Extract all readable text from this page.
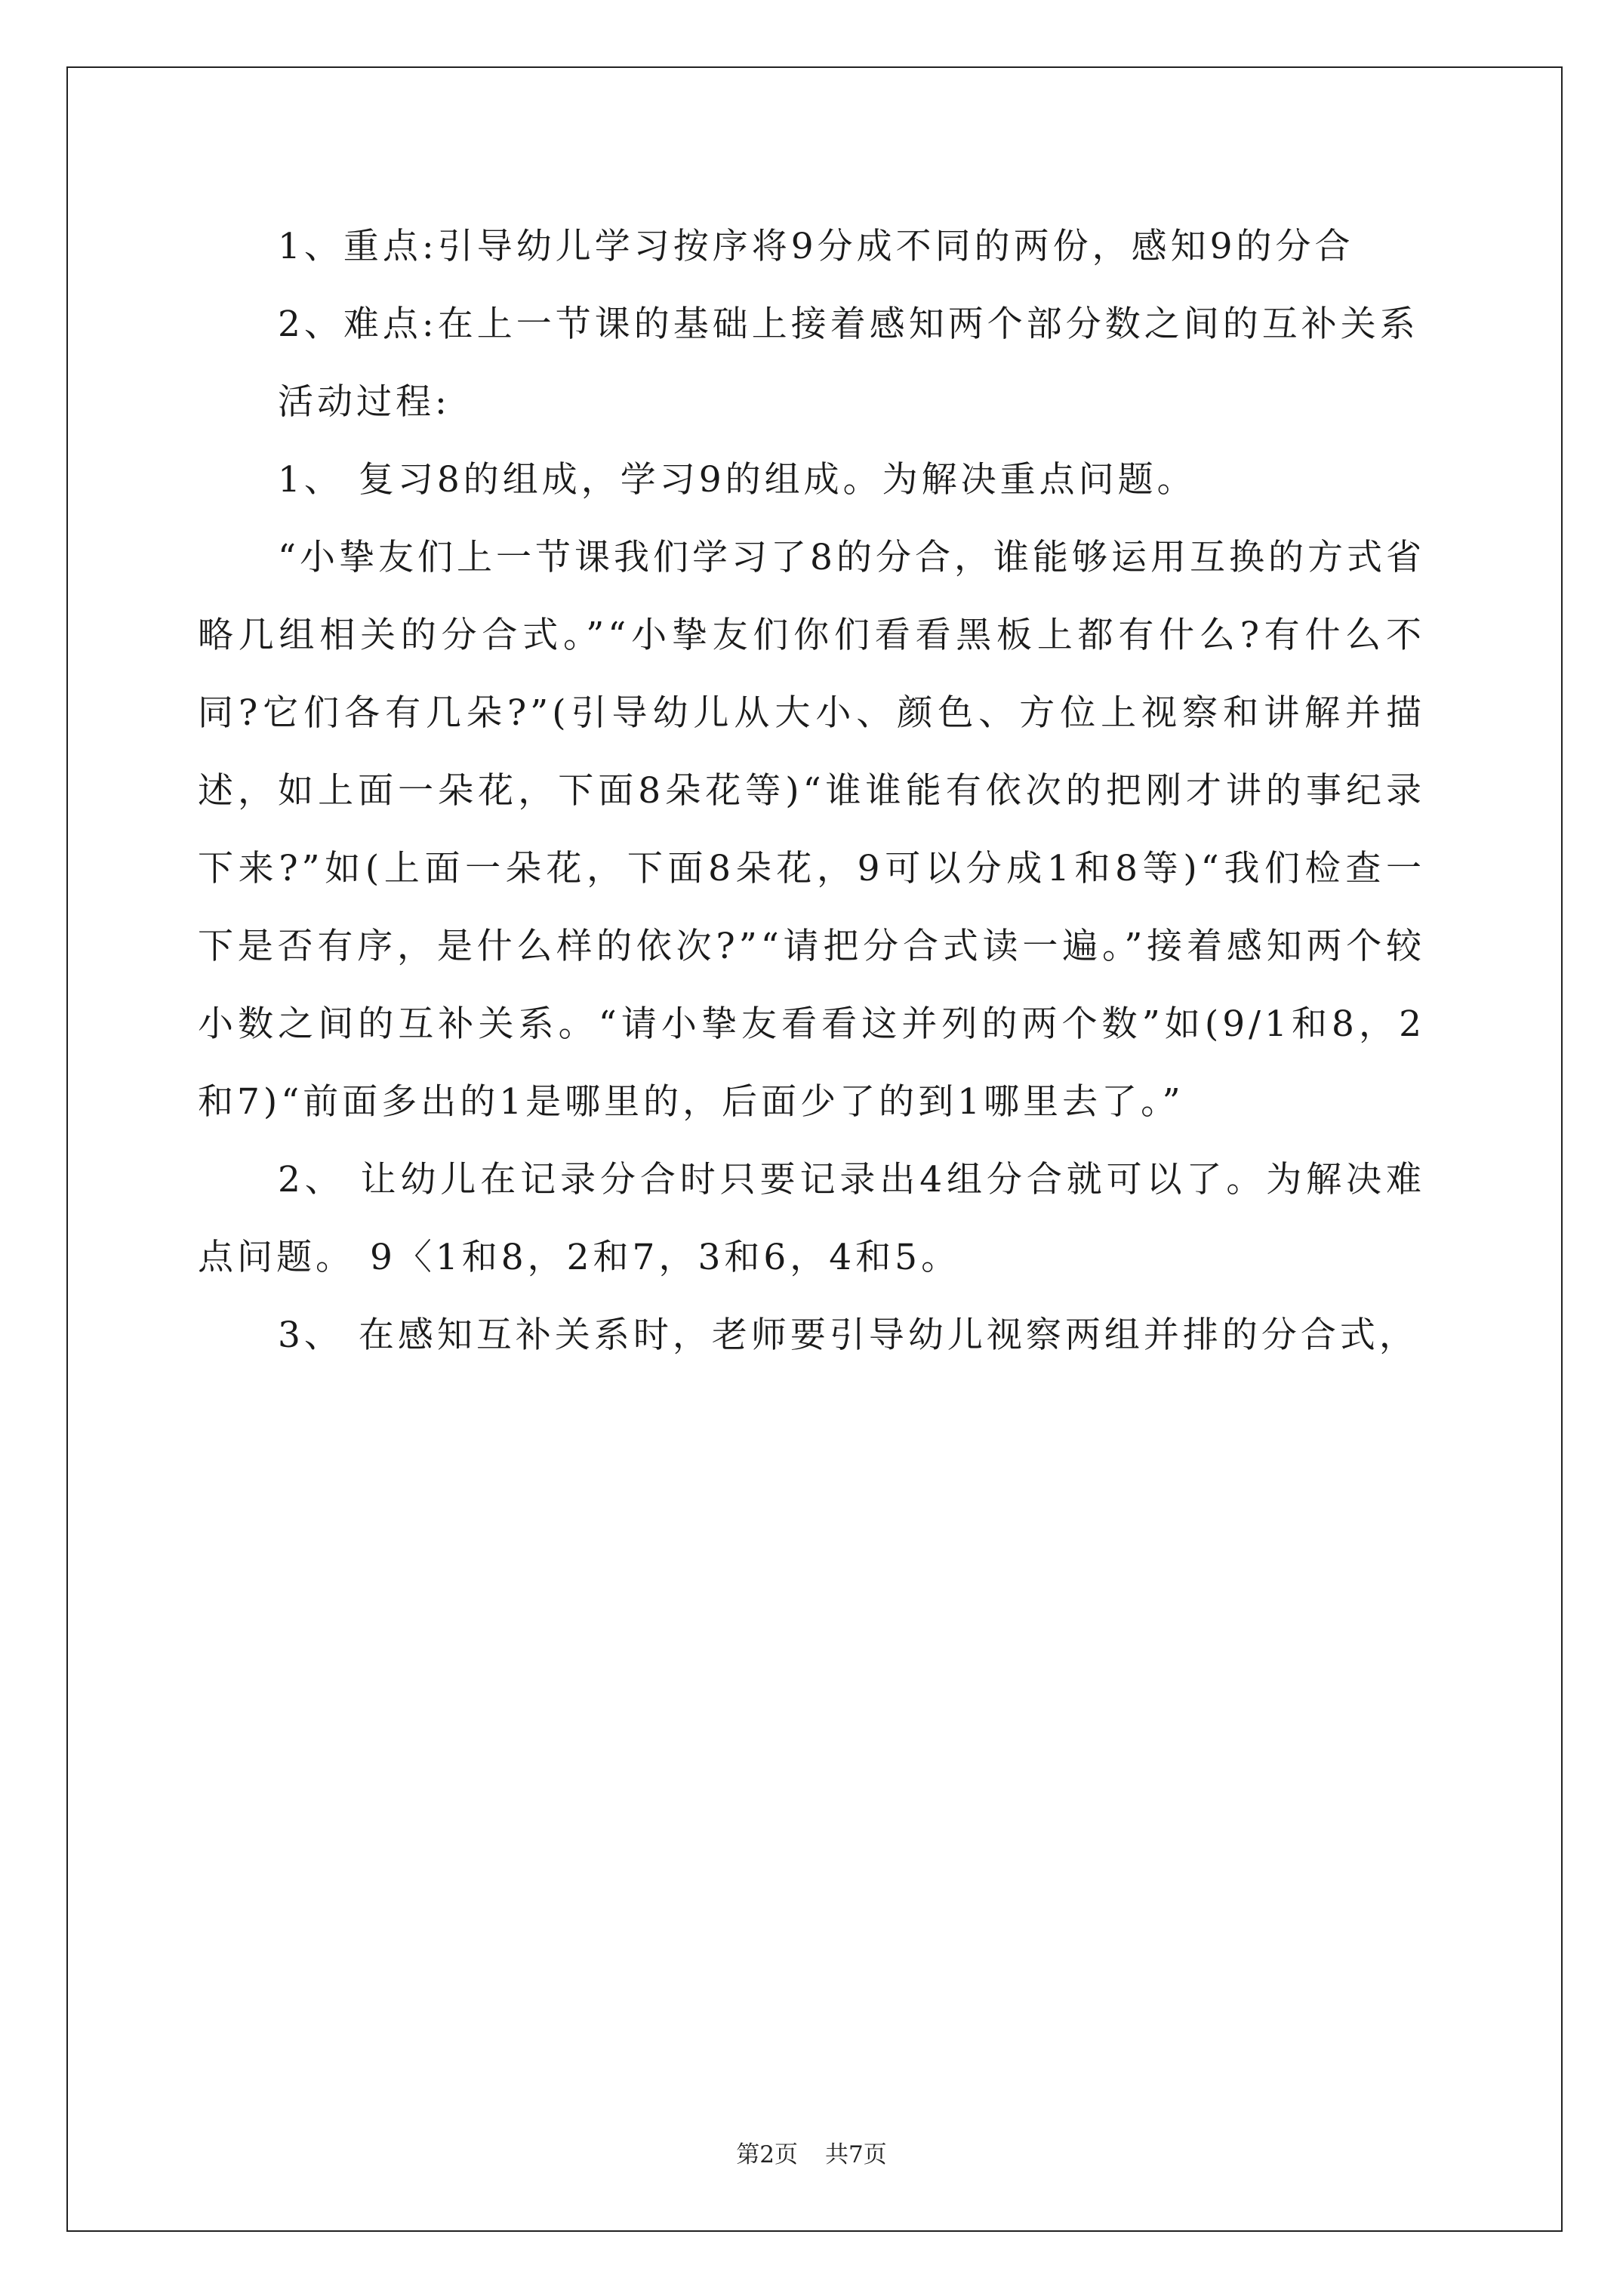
1、重点:引导幼儿学习按序将9分成不同的两份，感知9的分合

2、难点:在上一节课的基础上接着感知两个部分数之间的互补关系

活动过程:

1、 复习8的组成，学习9的组成。为解决重点问题。

“小挚友们上一节课我们学习了8的分合，谁能够运用互换的方式省略几组相关的分合式。”“小挚友们你们看看黑板上都有什么?有什么不同?它们各有几朵?”(引导幼儿从大小、颜色、方位上视察和讲解并描述，如上面一朵花，下面8朵花等)“谁谁能有依次的把刚才讲的事纪录下来?”如(上面一朵花，下面8朵花，9可以分成1和8等)“我们检查一下是否有序，是什么样的依次?”“请把分合式读一遍。”接着感知两个较小数之间的互补关系。“请小挚友看看这并列的两个数”如(9/1和8，2和7)“前面多出的1是哪里的，后面少了的到1哪里去了。”

2、 让幼儿在记录分合时只要记录出4组分合就可以了。为解决难点问题。 9〈1和8，2和7，3和6，4和5。

3、 在感知互补关系时，老师要引导幼儿视察两组并排的分合式，

第2页 共7页
